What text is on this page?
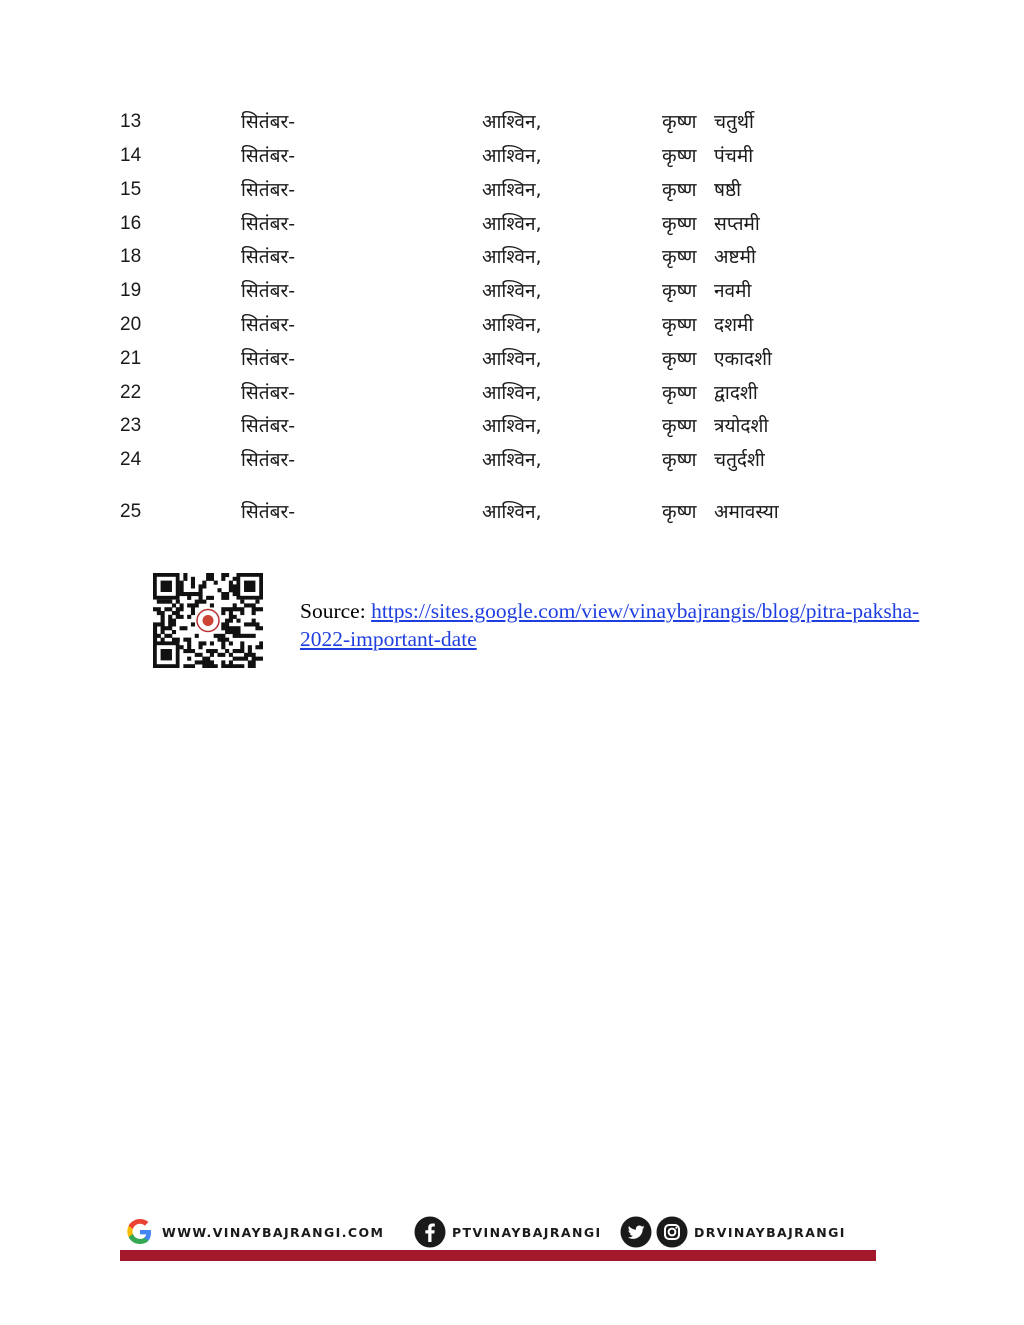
13	सितंबर-	आश्विन,	कृष्ण चतुर्थी
14	सितंबर-	आश्विन,	कृष्ण पंचमी
15	सितंबर-	आश्विन,	कृष्ण षष्ठी
16	सितंबर-	आश्विन,	कृष्ण सप्तमी
18	सितंबर-	आश्विन,	कृष्ण अष्टमी
19	सितंबर-	आश्विन,	कृष्ण नवमी
20	सितंबर-	आश्विन,	कृष्ण दशमी
21	सितंबर-	आश्विन,	कृष्ण एकादशी
22	सितंबर-	आश्विन,	कृष्ण द्वादशी
23	सितंबर-	आश्विन,	कृष्ण त्रयोदशी
24	सितंबर-	आश्विन,	कृष्ण चतुर्दशी
25	सितंबर-	आश्विन,	कृष्ण अमावस्या
Source: https://sites.google.com/view/vinaybajrangis/blog/pitra-paksha-2022-important-date
WWW.VINAYBAJRANGI.COM	PTVINAYBAJRANGI	DRVINAYBAJRANGI
